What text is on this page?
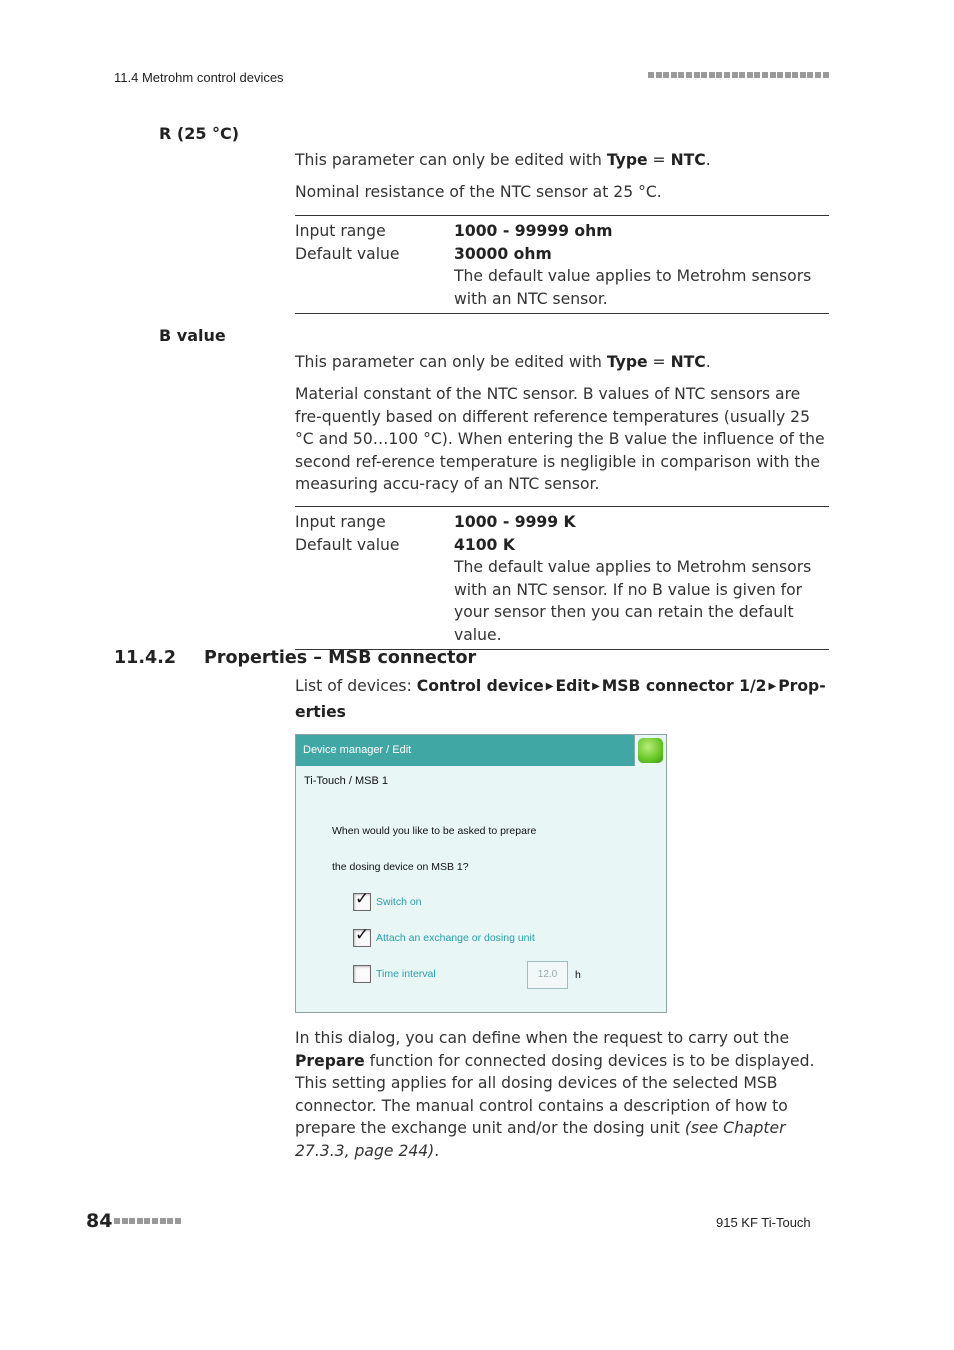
11.4 Metrohm control devices
R (25 °C)
This parameter can only be edited with Type = NTC.
Nominal resistance of the NTC sensor at 25 °C.
Input range	1000 - 99999 ohm
Default value	30000 ohm
The default value applies to Metrohm sensors with an NTC sensor.
B value
This parameter can only be edited with Type = NTC.
Material constant of the NTC sensor. B values of NTC sensors are fre-quently based on different reference temperatures (usually 25 °C and 50…100 °C). When entering the B value the influence of the second ref-erence temperature is negligible in comparison with the measuring accu-racy of an NTC sensor.
Input range	1000 - 9999 K
Default value	4100 K
The default value applies to Metrohm sensors with an NTC sensor. If no B value is given for your sensor then you can retain the default value.
11.4.2 Properties – MSB connector
List of devices: Control device ▶ Edit ▶ MSB connector 1/2 ▶ Prop-erties
Device manager / Edit
Ti-Touch / MSB 1
When would you like to be asked to prepare
the dosing device on MSB 1?
✓ Switch on
✓ Attach an exchange or dosing unit
Time interval	12.0	h
In this dialog, you can define when the request to carry out the Prepare function for connected dosing devices is to be displayed. This setting applies for all dosing devices of the selected MSB connector. The manual control contains a description of how to prepare the exchange unit and/or the dosing unit (see Chapter 27.3.3, page 244).
84	915 KF Ti-Touch
